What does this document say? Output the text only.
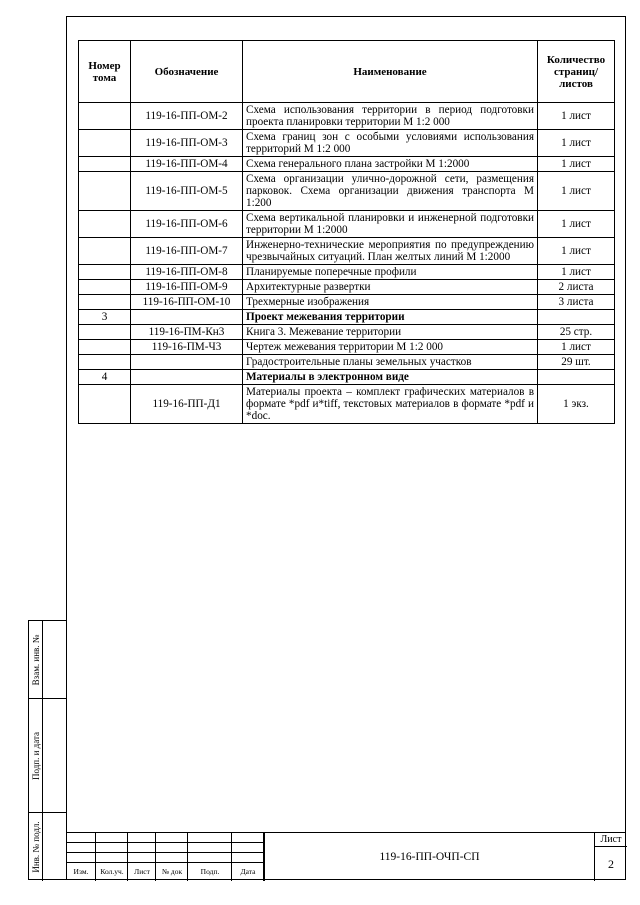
Номер тома	Обозначение	Наименование	Количество страниц/ листов
	119-16-ПП-ОМ-2	Схема использования территории в период подготовки проекта планировки территории М 1:2 000	1 лист
	119-16-ПП-ОМ-3	Схема границ зон с особыми условиями использования территорий М 1:2 000	1 лист
	119-16-ПП-ОМ-4	Схема генерального плана застройки М 1:2000	1 лист
	119-16-ПП-ОМ-5	Схема организации улично-дорожной сети, размещения парковок. Схема организации движения транспорта М 1:200	1 лист
	119-16-ПП-ОМ-6	Схема вертикальной планировки и инженерной подготовки территории М 1:2000	1 лист
	119-16-ПП-ОМ-7	Инженерно-технические мероприятия по предупреждению чрезвычайных ситуаций. План желтых линий М 1:2000	1 лист
	119-16-ПП-ОМ-8	Планируемые поперечные профили	1 лист
	119-16-ПП-ОМ-9	Архитектурные развертки	2 листа
	119-16-ПП-ОМ-10	Трехмерные изображения	3 листа
3		Проект межевания территории	
	119-16-ПМ-Кн3	Книга 3. Межевание территории	25 стр.
	119-16-ПМ-Ч3	Чертеж межевания территории М 1:2 000	1 лист
		Градостроительные планы земельных участков	29 шт.
4		Материалы в электронном виде	
	119-16-ПП-Д1	Материалы проекта – комплект графических материалов в формате *pdf и*tiff, текстовых материалов в формате *pdf и *doc.	1 экз.
Взам. инв. №
Подп. и дата
Инв. № подл.	Изм.	Кол.уч.	Лист	№ док	Подп.	Дата
119-16-ПП-ОЧП-СП
Лист
2
